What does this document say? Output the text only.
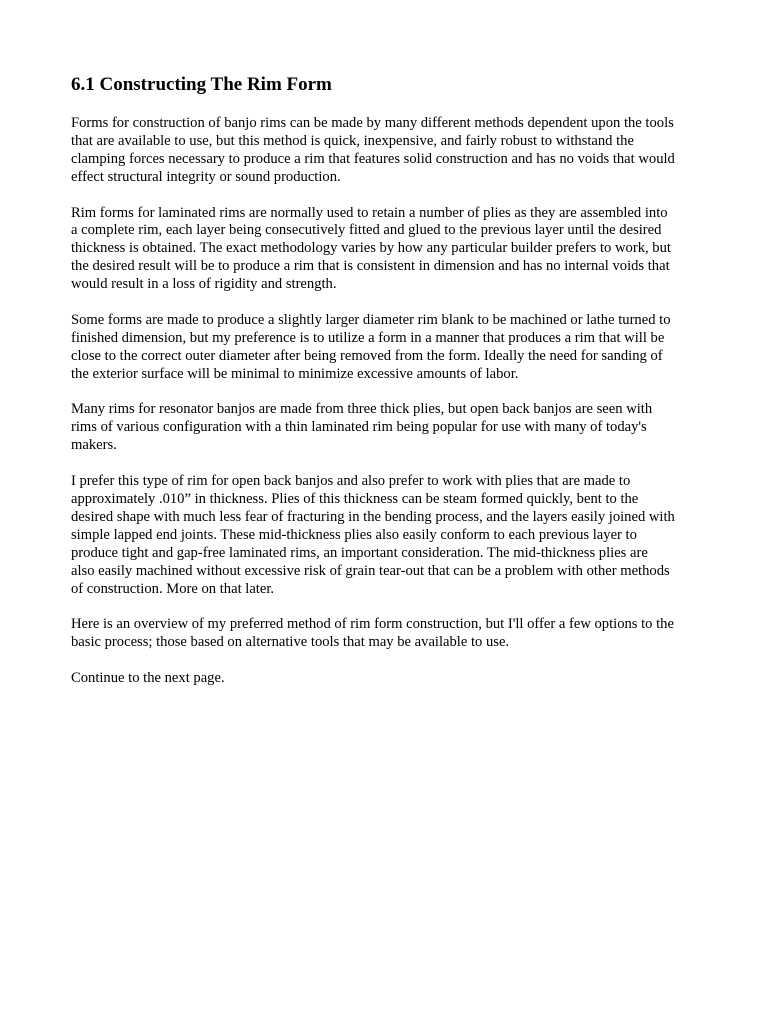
6.1 Constructing The Rim Form

Forms for construction of banjo rims can be made by many different methods dependent upon the tools
that are available to use, but this method is quick, inexpensive, and fairly robust to withstand the
clamping forces necessary to produce a rim that features solid construction and has no voids that would
effect structural integrity or sound production.

Rim forms for laminated rims are normally used to retain a number of plies as they are assembled into
a complete rim, each layer being consecutively fitted and glued to the previous layer until the desired
thickness is obtained. The exact methodology varies by how any particular builder prefers to work, but
the desired result will be to produce a rim that is consistent in dimension and has no internal voids that
would result in a loss of rigidity and strength.

Some forms are made to produce a slightly larger diameter rim blank to be machined or lathe turned to
finished dimension, but my preference is to utilize a form in a manner that produces a rim that will be
close to the correct outer diameter after being removed from the form. Ideally the need for sanding of
the exterior surface will be minimal to minimize excessive amounts of labor.

Many rims for resonator banjos are made from three thick plies, but open back banjos are seen with
rims of various configuration with a thin laminated rim being popular for use with many of today's
makers.

I prefer this type of rim for open back banjos and also prefer to work with plies that are made to
approximately .010” in thickness. Plies of this thickness can be steam formed quickly, bent to the
desired shape with much less fear of fracturing in the bending process, and the layers easily joined with
simple lapped end joints. These mid-thickness plies also easily conform to each previous layer to
produce tight and gap-free laminated rims, an important consideration. The mid-thickness plies are
also easily machined without excessive risk of grain tear-out that can be a problem with other methods
of construction. More on that later.

Here is an overview of my preferred method of rim form construction, but I'll offer a few options to the
basic process; those based on alternative tools that may be available to use.

Continue to the next page.
